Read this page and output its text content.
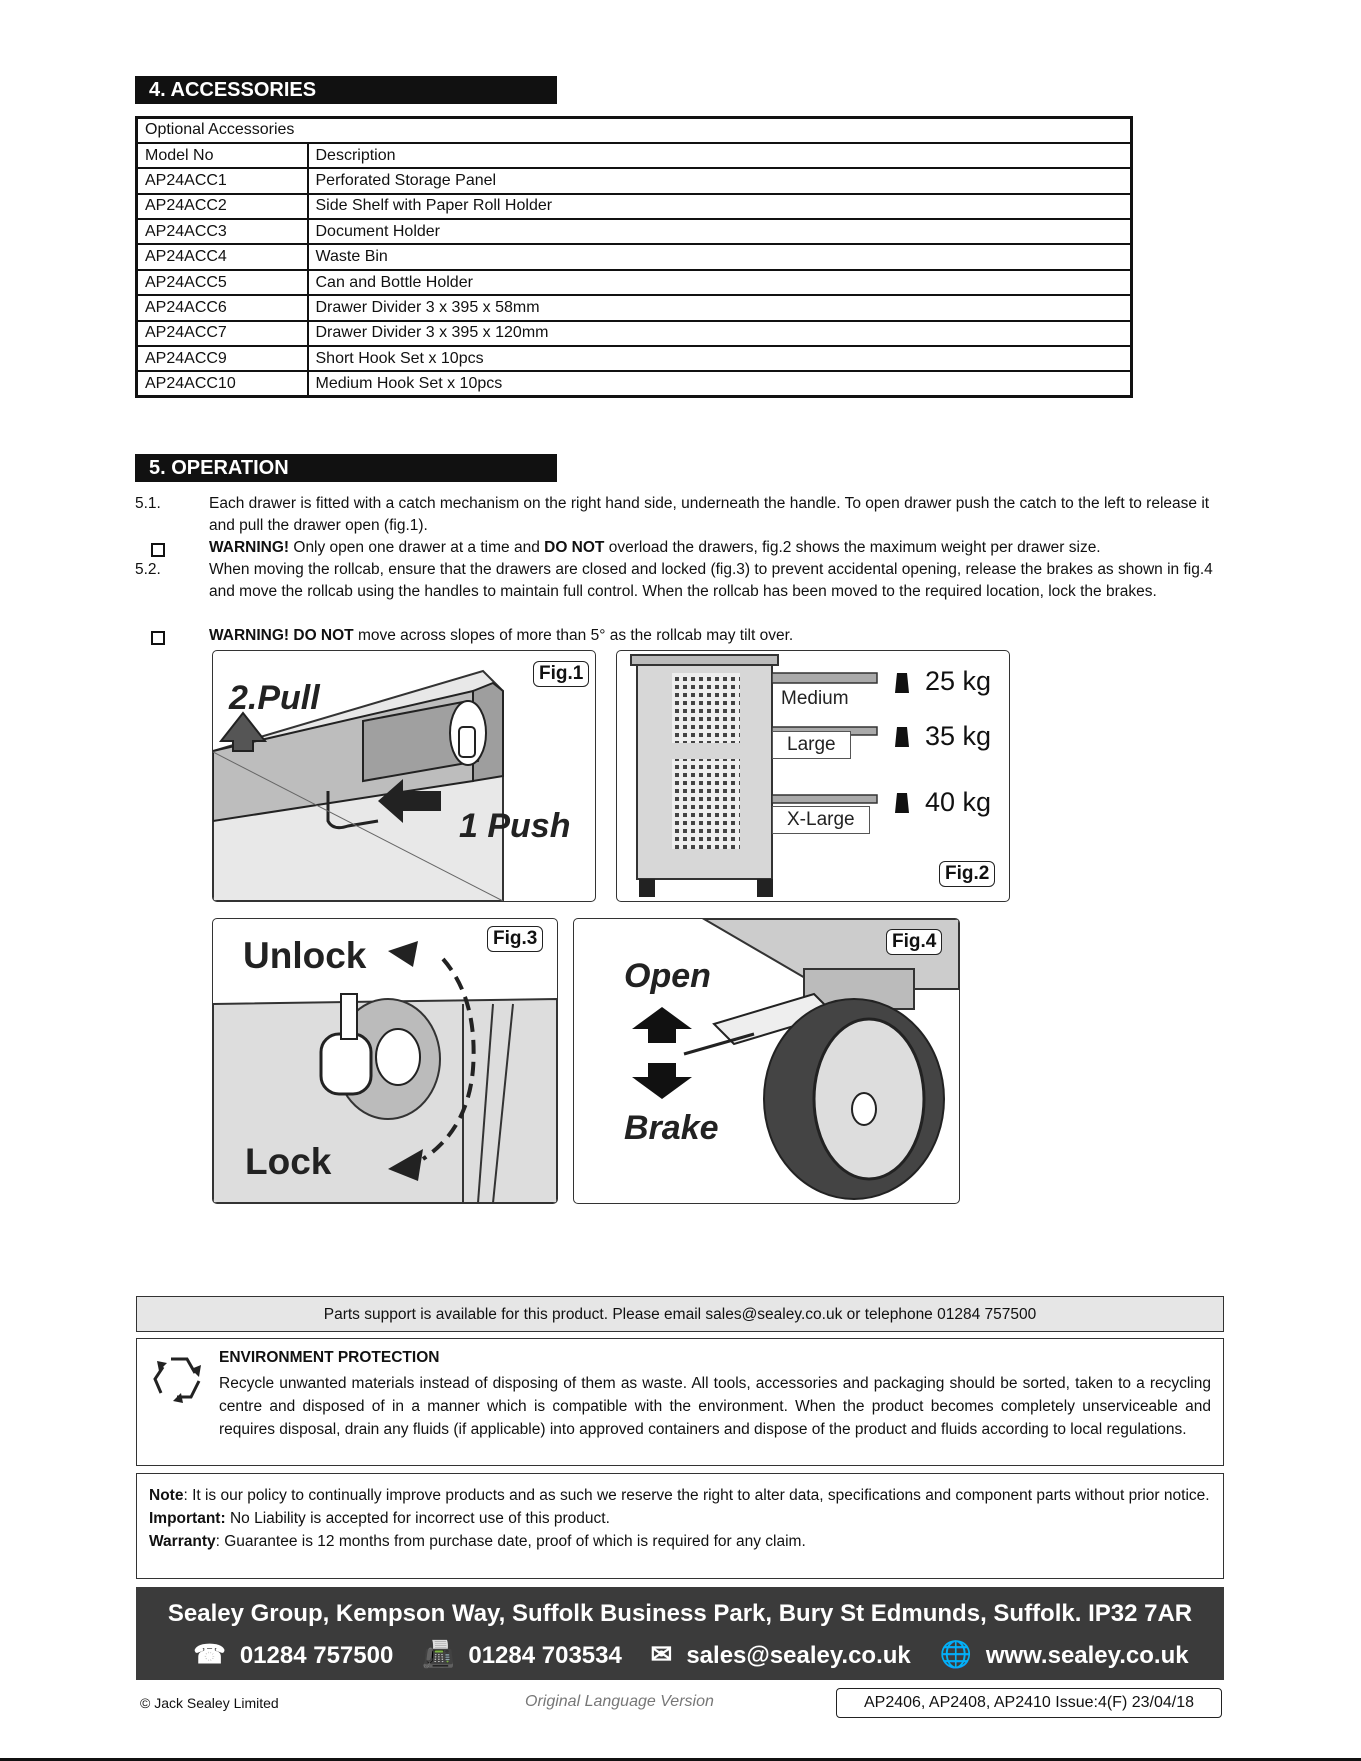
4. ACCESSORIES
Optional Accessories	
Model No	Description
AP24ACC1	Perforated Storage Panel
AP24ACC2	Side Shelf with Paper Roll Holder
AP24ACC3	Document Holder
AP24ACC4	Waste Bin
AP24ACC5	Can and Bottle Holder
AP24ACC6	Drawer Divider 3 x 395 x 58mm
AP24ACC7	Drawer Divider 3 x 395 x 120mm
AP24ACC9	Short Hook Set x 10pcs
AP24ACC10	Medium Hook Set x 10pcs
5. OPERATION
5.1.	Each drawer is fitted with a catch mechanism on the right hand side, underneath the handle. To open drawer push the catch to the left to release it and pull the drawer open (fig.1).
WARNING! Only open one drawer at a time and DO NOT overload the drawers, fig.2 shows the maximum weight per drawer size.
5.2.	When moving the rollcab, ensure that the drawers are closed and locked (fig.3) to prevent accidental opening, release the brakes as shown in fig.4 and move the rollcab using the handles to maintain full control. When the rollcab has been moved to the required location, lock the brakes.
WARNING! DO NOT move across slopes of more than 5° as the rollcab may tilt over.
2.Pull
1 Push
Fig.1
Medium
Large
X-Large
25 kg
35 kg
40 kg
Fig.2
Unlock
Lock
Fig.3
Open
Brake
Fig.4
Parts support is available for this product. Please email sales@sealey.co.uk or telephone 01284 757500
ENVIRONMENT PROTECTION
Recycle unwanted materials instead of disposing of them as waste. All tools, accessories and packaging should be sorted, taken to a recycling centre and disposed of in a manner which is compatible with the environment. When the product becomes completely unserviceable and requires disposal, drain any fluids (if applicable) into approved containers and dispose of the product and fluids according to local regulations.
Note: It is our policy to continually improve products and as such we reserve the right to alter data, specifications and component parts without prior notice.
Important: No Liability is accepted for incorrect use of this product.
Warranty: Guarantee is 12 months from purchase date, proof of which is required for any claim.
Sealey Group, Kempson Way, Suffolk Business Park, Bury St Edmunds, Suffolk. IP32 7AR
☎ 01284 757500 📠 01284 703534 ✉ sales@sealey.co.uk 🌐 www.sealey.co.uk
© Jack Sealey Limited	Original Language Version	AP2406, AP2408, AP2410 Issue:4(F) 23/04/18
